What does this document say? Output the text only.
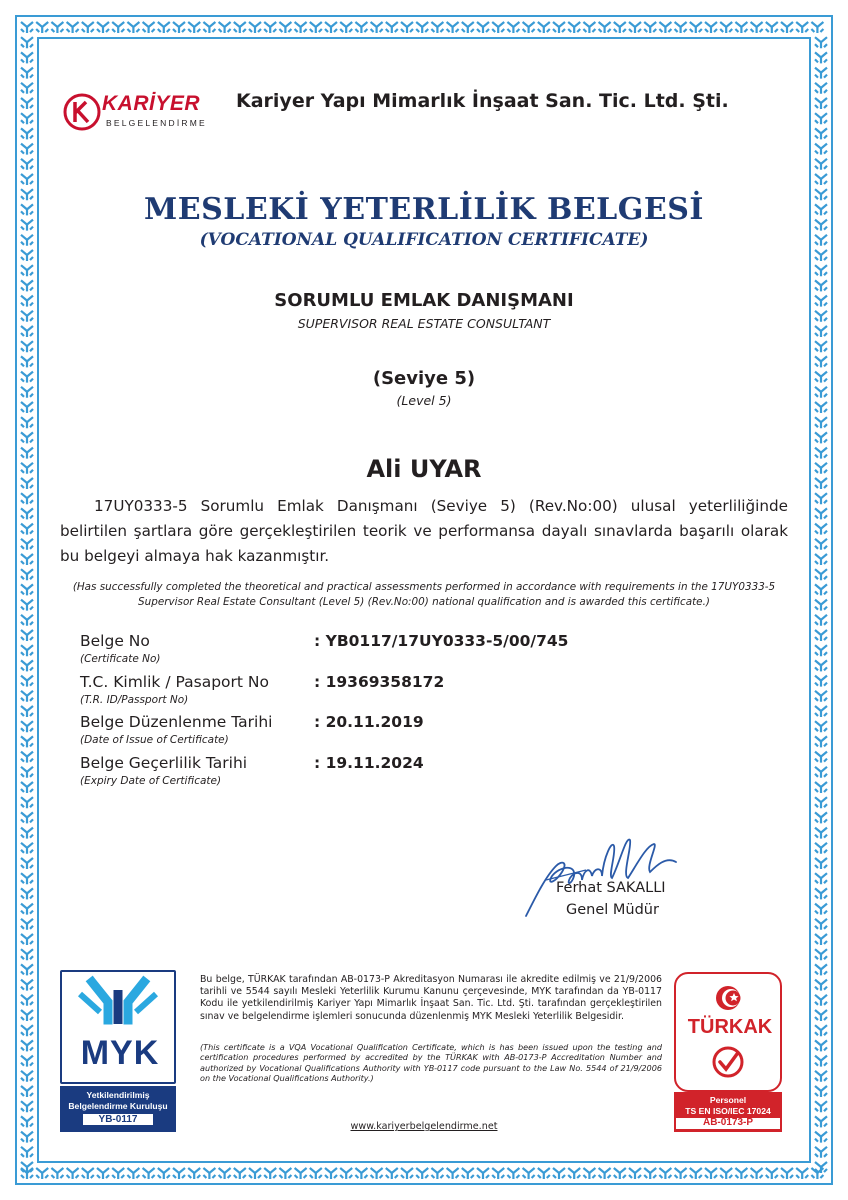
KARİYER
BELGELENDİRME
Kariyer Yapı Mimarlık İnşaat San. Tic. Ltd. Şti.
MESLEKİ YETERLİLİK BELGESİ
(VOCATIONAL QUALIFICATION CERTIFICATE)
SORUMLU EMLAK DANIŞMANI
SUPERVISOR REAL ESTATE CONSULTANT
(Seviye 5)
(Level 5)
Ali UYAR
17UY0333-5 Sorumlu Emlak Danışmanı (Seviye 5) (Rev.No:00) ulusal yeterliliğinde belirtilen şartlara göre gerçekleştirilen teorik ve performansa dayalı sınavlarda başarılı olarak bu belgeyi almaya hak kazanmıştır.
(Has successfully completed the theoretical and practical assessments performed in accordance with requirements in the 17UY0333-5 Supervisor Real Estate Consultant (Level 5) (Rev.No:00) national qualification and is awarded this certificate.)
Belge No
(Certificate No)
: YB0117/17UY0333-5/00/745
T.C. Kimlik / Pasaport No
(T.R. ID/Passport No)
: 19369358172
Belge Düzenlenme Tarihi
(Date of Issue of Certificate)
: 20.11.2019
Belge Geçerlilik Tarihi
(Expiry Date of Certificate)
: 19.11.2024
Ferhat SAKALLI
Genel Müdür
MYK
Yetkilendirilmiş
Belgelendirme Kuruluşu
YB-0117
Bu belge, TÜRKAK tarafından AB-0173-P Akreditasyon Numarası ile akredite edilmiş ve 21/9/2006 tarihli ve 5544 sayılı Mesleki Yeterlilik Kurumu Kanunu çerçevesinde, MYK tarafından da YB-0117 Kodu ile yetkilendirilmiş Kariyer Yapı Mimarlık İnşaat San. Tic. Ltd. Şti. tarafından gerçekleştirilen sınav ve belgelendirme işlemleri sonucunda düzenlenmiş MYK Mesleki Yeterlilik Belgesidir.
(This certificate is a VQA Vocational Qualification Certificate, which is has been issued upon the testing and certification procedures performed by accredited by the TÜRKAK with AB-0173-P Accreditation Number and authorized by Vocational Qualifications Authority with YB-0117 code pursuant to the Law No. 5544 of 21/9/2006 on the Vocational Qualifications Authority.)
www.kariyerbelgelendirme.net
TÜRKAK
Personel
TS EN ISO/IEC 17024
AB-0173-P
